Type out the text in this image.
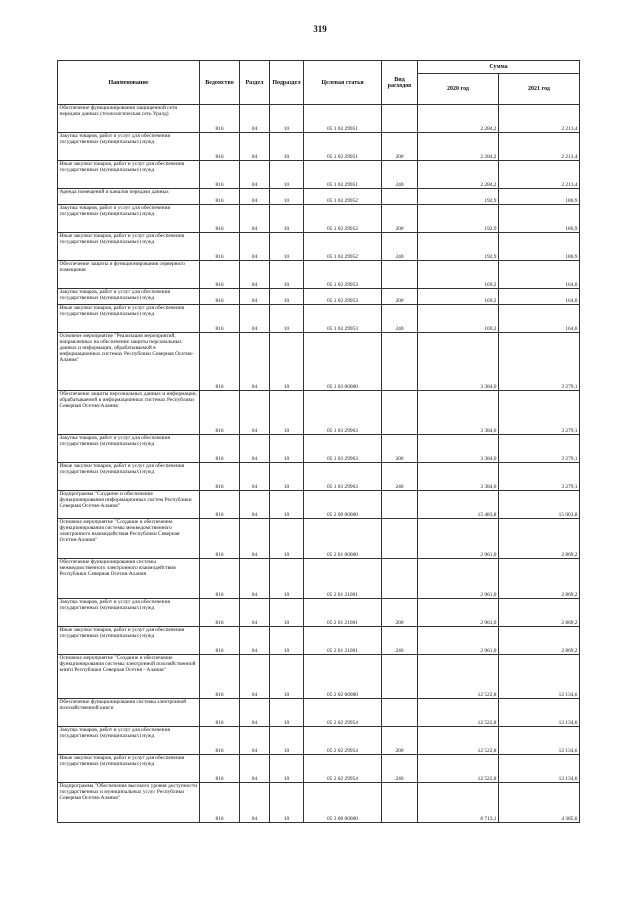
319
Наименование	Ведомство	Раздел	Подраздел	Целевая статья	Вид расходов	Сумма	
						2020 год	2021 год
Обеспечение функционирования защищенной сети передачи данных (технологическая сеть Уралд)	816	04	10	05 1 02 29951		2 284,2	2 213,4
Закупка товаров, работ и услуг для обеспечения государственных (муниципальных) нужд	816	04	10	05 1 02 29951	200	2 284,2	2 213,4
Иные закупки товаров, работ и услуг для обеспечения государственных (муниципальных) нужд	816	04	10	05 1 02 29951	240	2 284,2	2 213,4
Аренда помещений и каналов передачи данных	816	04	10	05 1 02 29952		192,9	186,9
Закупка товаров, работ и услуг для обеспечения государственных (муниципальных) нужд	816	04	10	05 1 02 29952	200	192,9	186,9
Иные закупки товаров, работ и услуг для обеспечения государственных (муниципальных) нужд	816	04	10	05 1 02 29952	240	192,9	186,9
Обеспечение защиты и функционирования серверного помещения	816	04	10	05 1 02 29953		169,2	164,0
Закупка товаров, работ и услуг для обеспечения государственных (муниципальных) нужд	816	04	10	05 1 02 29953	200	169,2	164,0
Иные закупки товаров, работ и услуг для обеспечения государственных (муниципальных) нужд	816	04	10	05 1 02 29953	240	169,2	164,0
Основное мероприятие "Реализация мероприятий, направленных на обеспечение защиты персональных данных и информации, обрабатываемой в информационных системах Республики Северная Осетия-Алания"	816	04	10	05 1 03 00000		3 384,0	3 279,1
Обеспечение защиты персональных данных и информации, обрабатываемой в информационных системах Республики Северная Осетия-Алания	816	04	10	05 1 03 29963		3 384,0	3 279,1
Закупка товаров, работ и услуг для обеспечения государственных (муниципальных) нужд	816	04	10	05 1 03 29963	200	3 384,0	3 279,1
Иные закупки товаров, работ и услуг для обеспечения государственных (муниципальных) нужд	816	04	10	05 1 03 29963	240	3 384,0	3 279,1
Подпрограмма "Создание и обеспечение функционирования информационных систем Республики Северная Осетия-Алания"	816	04	10	05 2 00 00000		15 483,8	15 003,8
Основное мероприятие "Создание и обеспечение функционирования системы межведомственного электронного взаимодействия Республики Северная Осетия-Алания"	816	04	10	05 2 01 00000		2 961,0	2 869,2
Обеспечение функционирования системы межведомственного электронного взаимодействия Республики Северная Осетия-Алания	816	04	10	05 2 01 21001		2 961,0	2 869,2
Закупка товаров, работ и услуг для обеспечения государственных (муниципальных) нужд	816	04	10	05 2 01 21001	200	2 961,0	2 869,2
Иные закупки товаров, работ и услуг для обеспечения государственных (муниципальных) нужд	816	04	10	05 2 01 21001	240	2 961,0	2 869,2
Основное мероприятие "Создание и обеспечение функционирования системы электронной похозяйственной книги Республики Северная Осетия - Алания"	816	04	10	05 2 02 00000		12 522,8	12 134,6
Обеспечение функционирования системы электронной похозяйственной книги	816	04	10	05 2 02 29954		12 522,8	12 134,6
Закупка товаров, работ и услуг для обеспечения государственных (муниципальных) нужд	816	04	10	05 2 02 29954	200	12 522,8	12 134,6
Иные закупки товаров, работ и услуг для обеспечения государственных (муниципальных) нужд	816	04	10	05 2 02 29954	240	12 522,8	12 134,6
Подпрограмма "Обеспечение высокого уровня доступности государственных и муниципальных услуг Республики Северная Осетия-Алания"	816	04	10	05 3 00 00000		8 713,1	4 385,6
